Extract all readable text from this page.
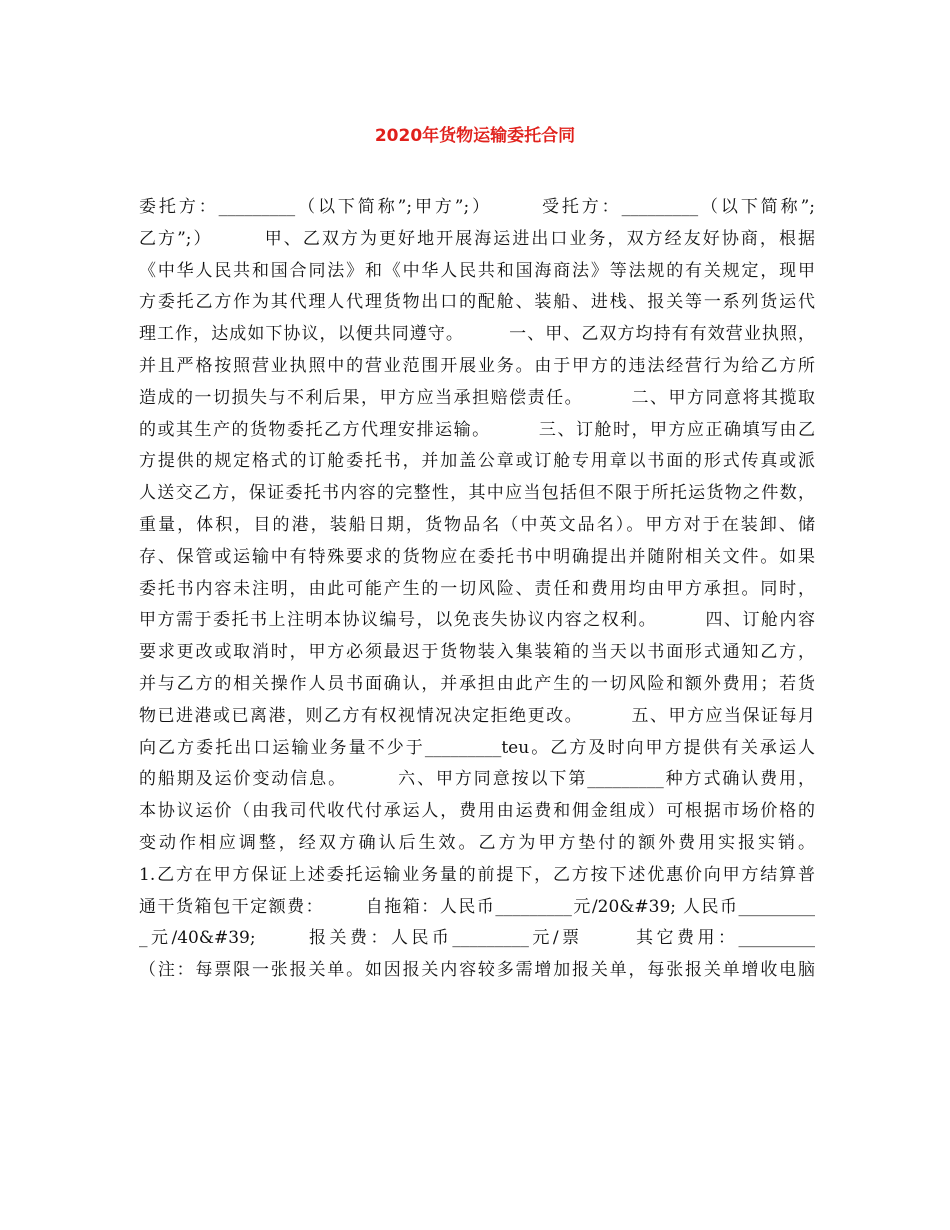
2020年货物运输委托合同
委托方：_________（以下简称”;甲方”;）      受托方：_________（以下简称”;
乙方”;）       甲、乙双方为更好地开展海运进出口业务，双方经友好协商，根据
《中华人民共和国合同法》和《中华人民共和国海商法》等法规的有关规定，现甲
方委托乙方作为其代理人代理货物出口的配舱、装船、进栈、报关等一系列货运代
理工作，达成如下协议，以便共同遵守。       一、甲、乙双方均持有有效营业执照，
并且严格按照营业执照中的营业范围开展业务。由于甲方的违法经营行为给乙方所
造成的一切损失与不利后果，甲方应当承担赔偿责任。       二、甲方同意将其揽取
的或其生产的货物委托乙方代理安排运输。       三、订舱时，甲方应正确填写由乙
方提供的规定格式的订舱委托书，并加盖公章或订舱专用章以书面的形式传真或派
人送交乙方，保证委托书内容的完整性，其中应当包括但不限于所托运货物之件数，
重量，体积，目的港，装船日期，货物品名（中英文品名）。甲方对于在装卸、储
存、保管或运输中有特殊要求的货物应在委托书中明确提出并随附相关文件。如果
委托书内容未注明，由此可能产生的一切风险、责任和费用均由甲方承担。同时，
甲方需于委托书上注明本协议编号，以免丧失协议内容之权利。       四、订舱内容
要求更改或取消时，甲方必须最迟于货物装入集装箱的当天以书面形式通知乙方，
并与乙方的相关操作人员书面确认，并承担由此产生的一切风险和额外费用；若货
物已进港或已离港，则乙方有权视情况决定拒绝更改。       五、甲方应当保证每月
向乙方委托出口运输业务量不少于_________teu。乙方及时向甲方提供有关承运人
的船期及运价变动信息。       六、甲方同意按以下第_________种方式确认费用，
本协议运价（由我司代收代付承运人，费用由运费和佣金组成）可根据市场价格的
变动作相应调整，经双方确认后生效。乙方为甲方垫付的额外费用实报实销。
1.乙方在甲方保证上述委托运输业务量的前提下，乙方按下述优惠价向甲方结算普
通干货箱包干定额费：      自拖箱：人民币_________元/20&#39; 人民币_________
_元/40&#39;      报关费：人民币_________元/票      其它费用：_________
（注：每票限一张报关单。如因报关内容较多需增加报关单，每张报关单增收电脑
